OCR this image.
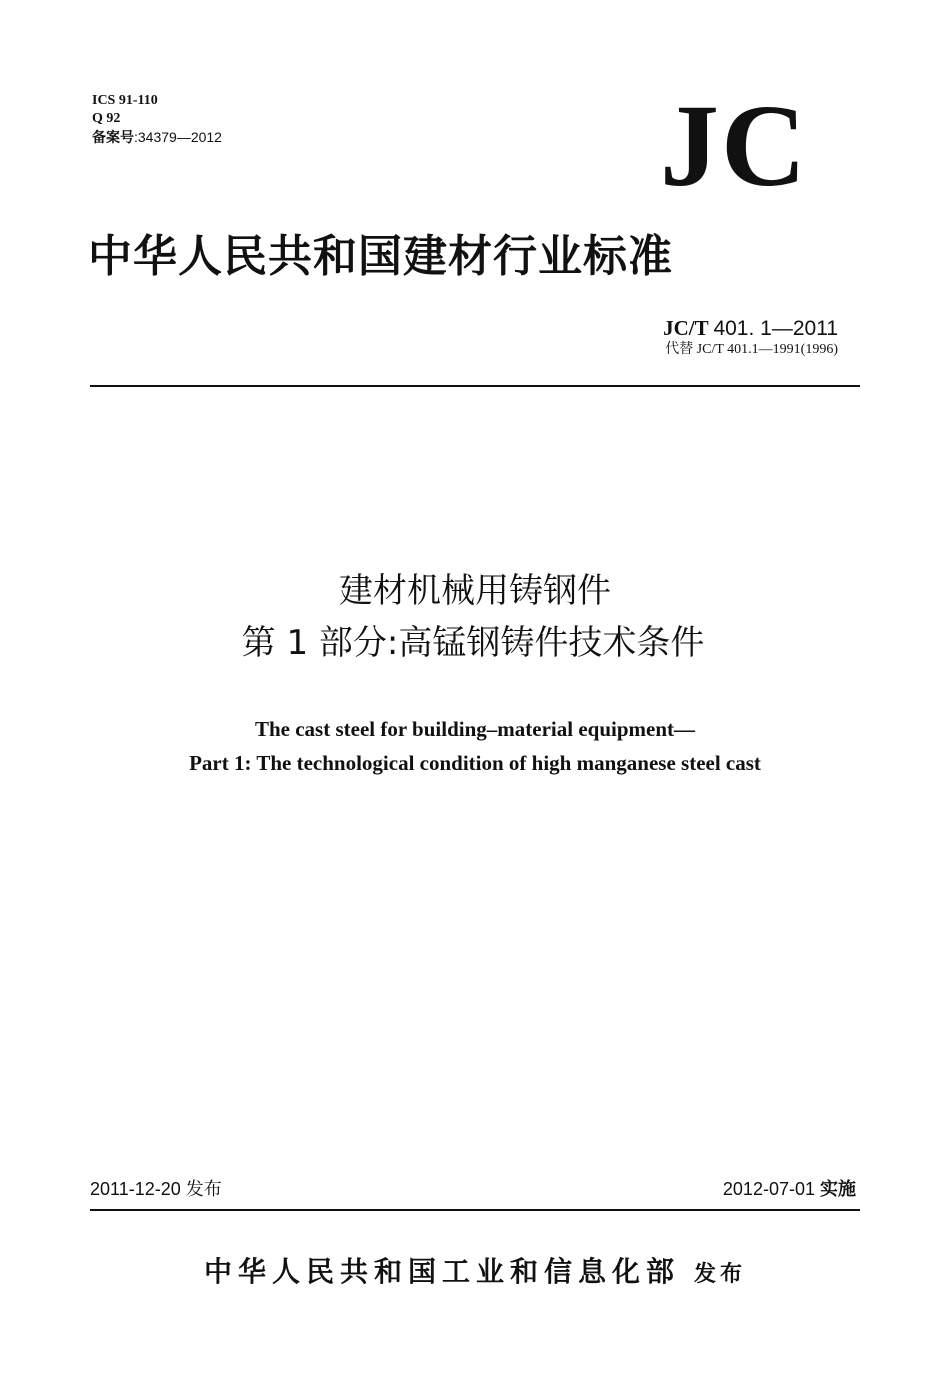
ICS 91-110
Q 92
备案号:34379—2012	JC
中华人民共和国建材行业标准
JC/T 401. 1—2011
代替 JC/T 401.1—1991(1996)
建材机械用铸钢件
第 1 部分:高锰钢铸件技术条件
The cast steel for building–material equipment—
Part 1: The technological condition of high manganese steel cast
2011-12-20 发布	2012-07-01 实施
中华人民共和国工业和信息化部 发布
